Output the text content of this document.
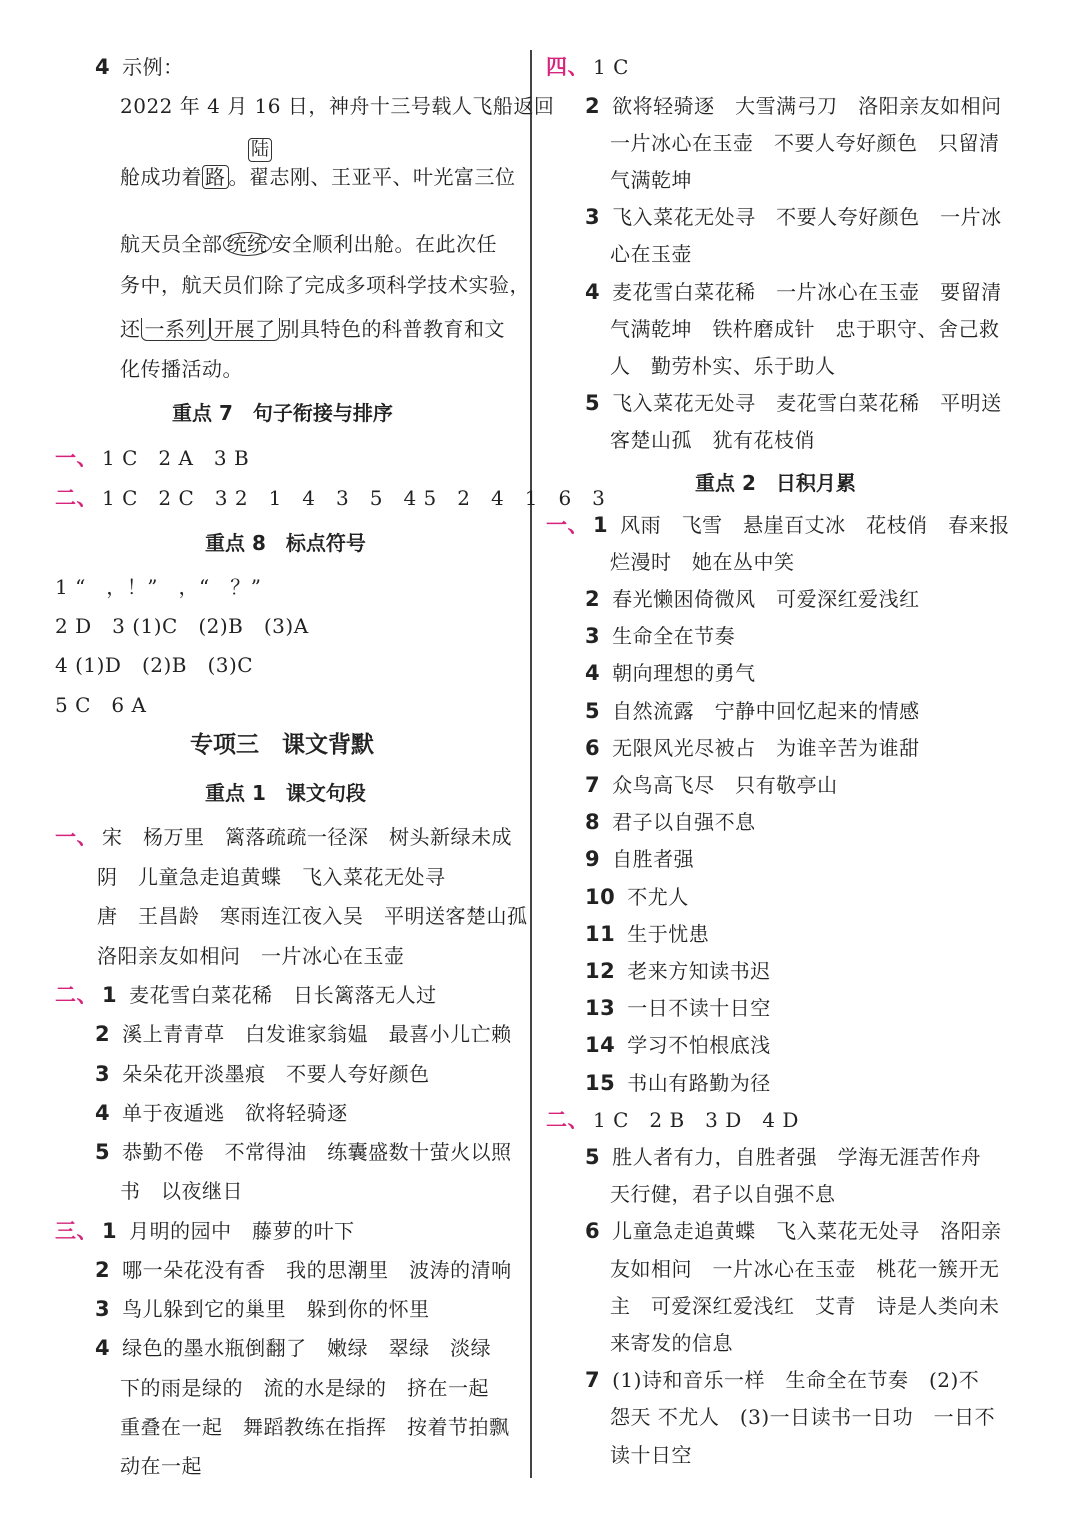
4 示例：
2022 年 4 月 16 日，神舟十三号载人飞船返回
陆
舱成功着 路 。翟志刚、王亚平、叶光富三位
航天员全部 统统 安全顺利出舱。在此次任
务中，航天员们除了完成多项科学技术实验，
还 一系列 开展了 别具特色的科普教育和文
化传播活动。
重点 7　句子衔接与排序
一、 1 C　2 A　3 B
二、 1 C　2 C　3 2　1　4　3　5　4 5　2　4　1　6　3
重点 8　标点符号
1 “　，！”　，“　？”
2 D　3 (1)C　(2)B　(3)A
4 (1)D　(2)B　(3)C
5 C　6 A
专项三　课文背默
重点 1　课文句段
一、 宋　杨万里　篱落疏疏一径深　树头新绿未成
阴　儿童急走追黄蝶　飞入菜花无处寻
唐　王昌龄　寒雨连江夜入吴　平明送客楚山孤
洛阳亲友如相问　一片冰心在玉壶
二、 1 麦花雪白菜花稀　日长篱落无人过
2 溪上青青草　白发谁家翁媪　最喜小儿亡赖
3 朵朵花开淡墨痕　不要人夸好颜色
4 单于夜遁逃　欲将轻骑逐
5 恭勤不倦　不常得油　练囊盛数十萤火以照
书　以夜继日
三、 1 月明的园中　藤萝的叶下
2 哪一朵花没有香　我的思潮里　波涛的清响
3 鸟儿躲到它的巢里　躲到你的怀里
4 绿色的墨水瓶倒翻了　嫩绿　翠绿　淡绿
下的雨是绿的　流的水是绿的　挤在一起
重叠在一起　舞蹈教练在指挥　按着节拍飘
动在一起
四、 1 C
2 欲将轻骑逐　大雪满弓刀　洛阳亲友如相问
一片冰心在玉壶　不要人夸好颜色　只留清
气满乾坤
3 飞入菜花无处寻　不要人夸好颜色　一片冰
心在玉壶
4 麦花雪白菜花稀　一片冰心在玉壶　要留清
气满乾坤　铁杵磨成针　忠于职守、舍己救
人　勤劳朴实、乐于助人
5 飞入菜花无处寻　麦花雪白菜花稀　平明送
客楚山孤　犹有花枝俏
重点 2　日积月累
一、 1 风雨　飞雪　悬崖百丈冰　花枝俏　春来报
烂漫时　她在丛中笑
2 春光懒困倚微风　可爱深红爱浅红
3 生命全在节奏
4 朝向理想的勇气
5 自然流露　宁静中回忆起来的情感
6 无限风光尽被占　为谁辛苦为谁甜
7 众鸟高飞尽　只有敬亭山
8 君子以自强不息
9 自胜者强
10 不尤人
11 生于忧患
12 老来方知读书迟
13 一日不读十日空
14 学习不怕根底浅
15 书山有路勤为径
二、 1 C　2 B　3 D　4 D
5 胜人者有力，自胜者强　学海无涯苦作舟
天行健，君子以自强不息
6 儿童急走追黄蝶　飞入菜花无处寻　洛阳亲
友如相问　一片冰心在玉壶　桃花一簇开无
主　可爱深红爱浅红　艾青　诗是人类向未
来寄发的信息
7 (1)诗和音乐一样　生命全在节奏　(2)不
怨天 不尤人　(3)一日读书一日功　一日不
读十日空
